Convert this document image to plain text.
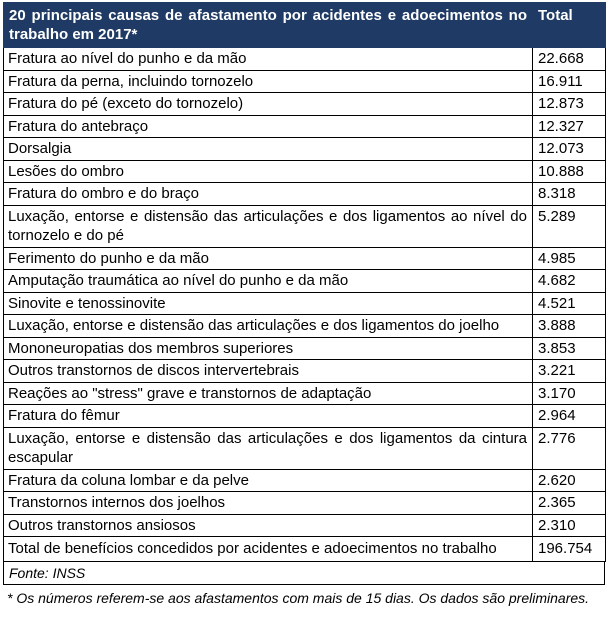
20 principais causas de afastamento por acidentes e adoecimentos no trabalho em 2017*	Total
Fratura ao nível do punho e da mão	22.668
Fratura da perna, incluindo tornozelo	16.911
Fratura do pé (exceto do tornozelo)	12.873
Fratura do antebraço	12.327
Dorsalgia	12.073
Lesões do ombro	10.888
Fratura do ombro e do braço	8.318
Luxação, entorse e distensão das articulações e dos ligamentos ao nível do tornozelo e do pé	5.289
Ferimento do punho e da mão	4.985
Amputação traumática ao nível do punho e da mão	4.682
Sinovite e tenossinovite	4.521
Luxação, entorse e distensão das articulações e dos ligamentos do joelho	3.888
Mononeuropatias dos membros superiores	3.853
Outros transtornos de discos intervertebrais	3.221
Reações ao "stress" grave e transtornos de adaptação	3.170
Fratura do fêmur	2.964
Luxação, entorse e distensão das articulações e dos ligamentos da cintura escapular	2.776
Fratura da coluna lombar e da pelve	2.620
Transtornos internos dos joelhos	2.365
Outros transtornos ansiosos	2.310
Total de benefícios concedidos por acidentes e adoecimentos no trabalho	196.754
Fonte: INSS
* Os números referem-se aos afastamentos com mais de 15 dias. Os dados são preliminares.
